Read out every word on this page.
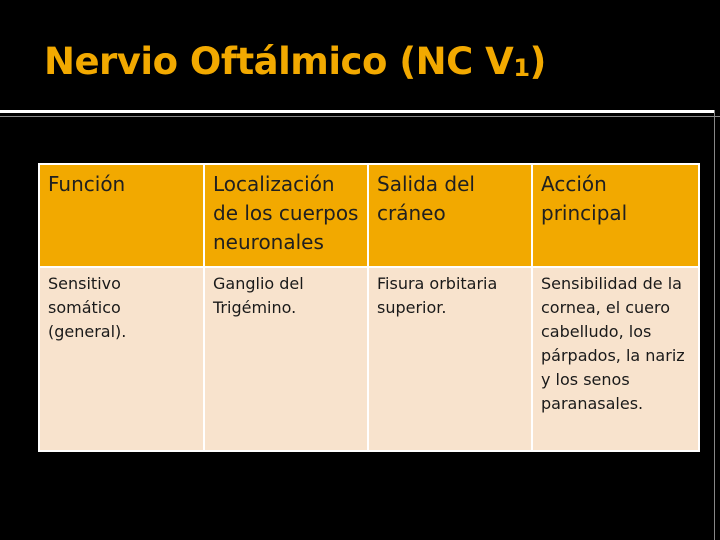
Nervio Oftálmico (NC $V_1$)
Función	Localización de los cuerpos neuronales	Salida del cráneo	Acción principal
Sensitivo somático (general).	Ganglio del Trigémino.	Fisura orbitaria superior.	Sensibilidad de la cornea, el cuero cabelludo, los párpados, la nariz y los senos paranasales.
